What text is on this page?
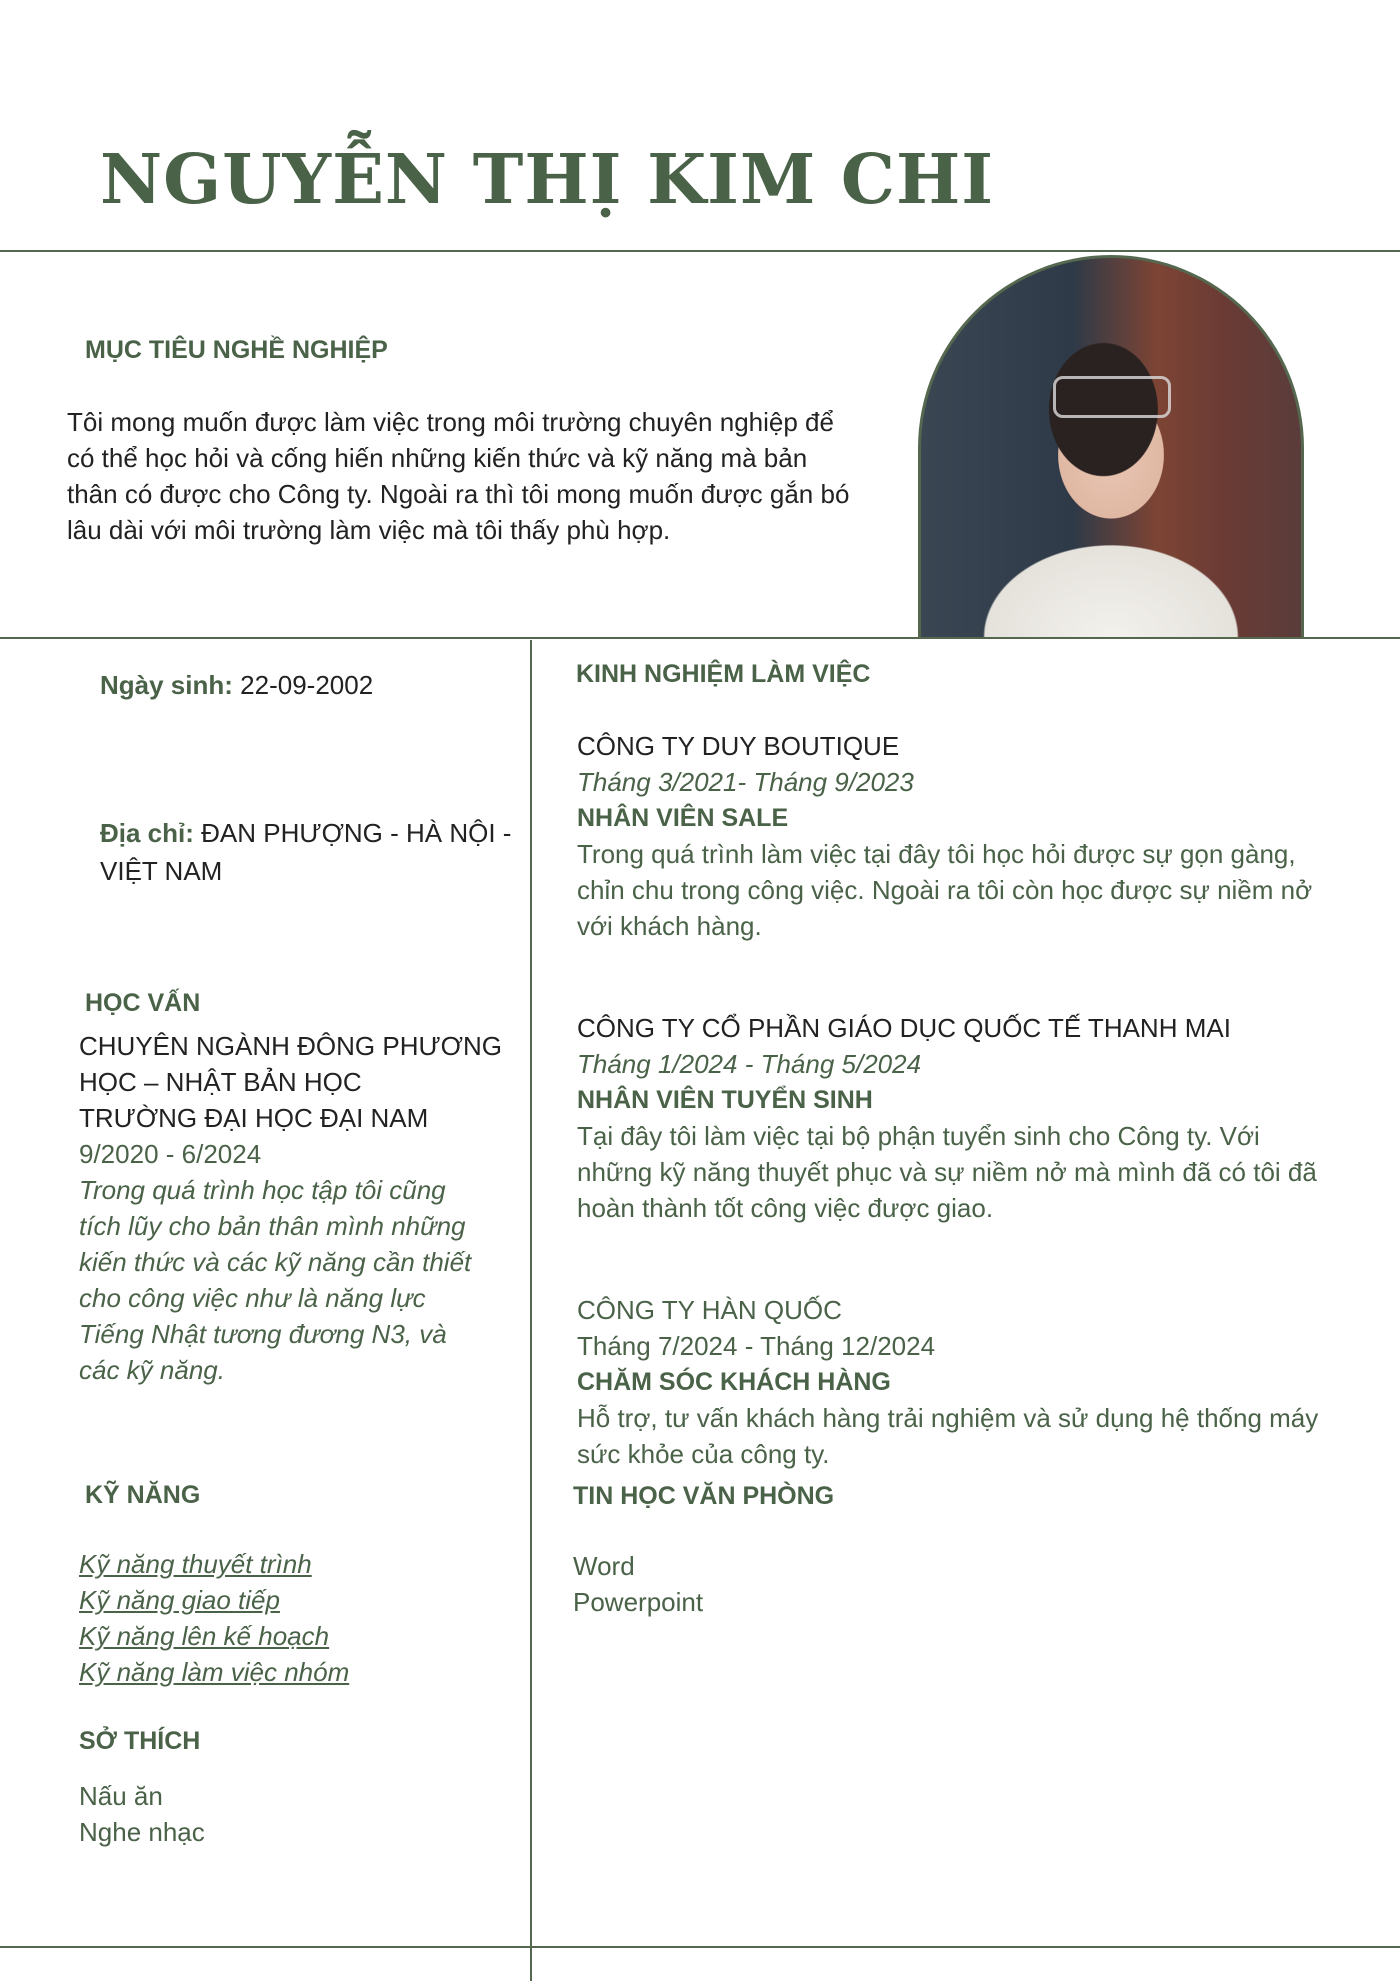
NGUYỄN THỊ KIM CHI
MỤC TIÊU NGHỀ NGHIỆP
Tôi mong muốn được làm việc trong môi trường chuyên nghiệp để
có thể học hỏi và cống hiến những kiến thức và kỹ năng mà bản
thân có được cho Công ty. Ngoài ra thì tôi mong muốn được gắn bó
lâu dài với môi trường làm việc mà tôi thấy phù hợp.
Ngày sinh: 22-09-2002
Địa chỉ: ĐAN PHƯỢNG - HÀ NỘI -
VIỆT NAM
HỌC VẤN
CHUYÊN NGÀNH ĐÔNG PHƯƠNG
HỌC – NHẬT BẢN HỌC
TRƯỜNG ĐẠI HỌC ĐẠI NAM
9/2020 - 6/2024
Trong quá trình học tập tôi cũng
tích lũy cho bản thân mình những
kiến thức và các kỹ năng cần thiết
cho công việc như là năng lực
Tiếng Nhật tương đương N3, và
các kỹ năng.
KỸ NĂNG
Kỹ năng thuyết trình
Kỹ năng giao tiếp
Kỹ năng lên kế hoạch
Kỹ năng làm việc nhóm
SỞ THÍCH
Nấu ăn
Nghe nhạc
KINH NGHIỆM LÀM VIỆC

CÔNG TY DUY BOUTIQUE

Tháng 3/2021- Tháng 9/2023

NHÂN VIÊN SALE

Trong quá trình làm việc tại đây tôi học hỏi được sự gọn gàng,

chỉn chu trong công việc. Ngoài ra tôi còn học được sự niềm nở

với khách hàng.

CÔNG TY CỔ PHẦN GIÁO DỤC QUỐC TẾ THANH MAI

Tháng 1/2024 - Tháng 5/2024

NHÂN VIÊN TUYỂN SINH

Tại đây tôi làm việc tại bộ phận tuyển sinh cho Công ty. Với

những kỹ năng thuyết phục và sự niềm nở mà mình đã có tôi đã

hoàn thành tốt công việc được giao.

CÔNG TY HÀN QUỐC

Tháng 7/2024 - Tháng 12/2024

CHĂM SÓC KHÁCH HÀNG

Hỗ trợ, tư vấn khách hàng trải nghiệm và sử dụng hệ thống máy

sức khỏe của công ty.

TIN HỌC VĂN PHÒNG
Word
Powerpoint
